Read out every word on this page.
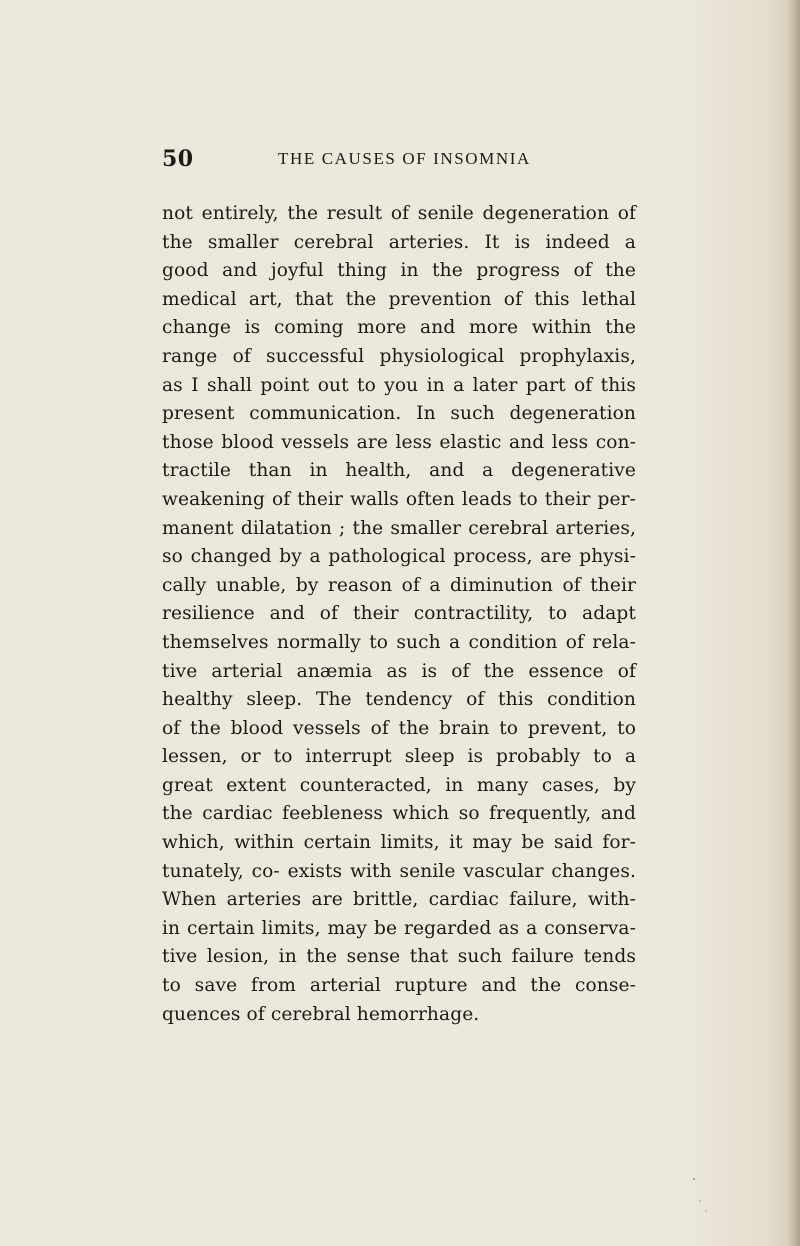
50	THE CAUSES OF INSOMNIA
not entirely, the result of senile degeneration of
the smaller cerebral arteries. It is indeed a
good and joyful thing in the progress of the
medical art, that the prevention of this lethal
change is coming more and more within the
range of successful physiological prophylaxis,
as I shall point out to you in a later part of this
present communication. In such degeneration
those blood vessels are less elastic and less con-
tractile than in health, and a degenerative
weakening of their walls often leads to their per-
manent dilatation ; the smaller cerebral arteries,
so changed by a pathological process, are physi-
cally unable, by reason of a diminution of their
resilience and of their contractility, to adapt
themselves normally to such a condition of rela-
tive arterial anæmia as is of the essence of
healthy sleep. The tendency of this condition
of the blood vessels of the brain to prevent, to
lessen, or to interrupt sleep is probably to a
great extent counteracted, in many cases, by
the cardiac feebleness which so frequently, and
which, within certain limits, it may be said for-
tunately, co- exists with senile vascular changes.
When arteries are brittle, cardiac failure, with-
in certain limits, may be regarded as a conserva-
tive lesion, in the sense that such failure tends
to save from arterial rupture and the conse-
quences of cerebral hemorrhage.
